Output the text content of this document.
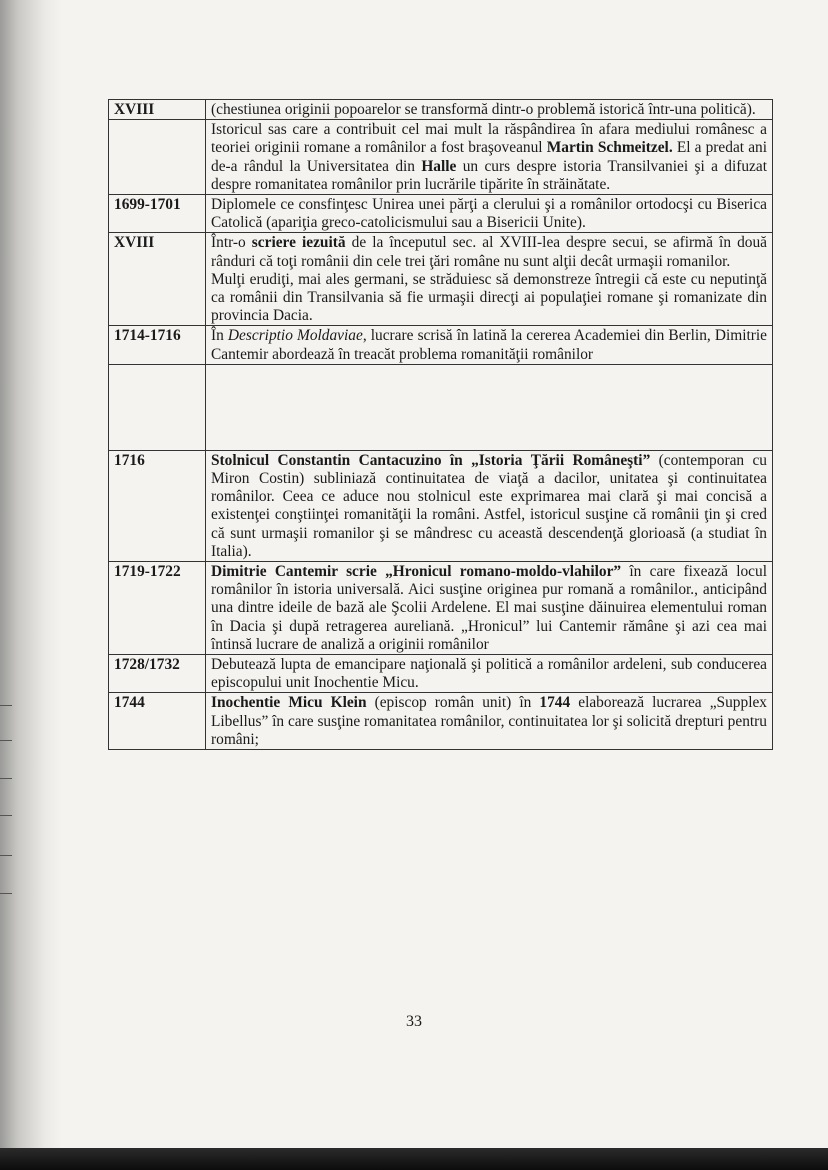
XVIII	(chestiunea originii popoarelor se transformă dintr-o problemă istorică într-una politică).
	Istoricul sas care a contribuit cel mai mult la răspândirea în afara mediului românesc a teoriei originii romane a românilor a fost braşoveanul Martin Schmeitzel. El a predat ani de-a rândul la Universitatea din Halle un curs despre istoria Transilvaniei şi a difuzat despre romanitatea românilor prin lucrările tipărite în străinătate.
1699-1701	Diplomele ce consfinţesc Unirea unei părţi a clerului şi a românilor ortodocşi cu Biserica Catolică (apariţia greco-catolicismului sau a Bisericii Unite).
XVIII	Într-o scriere iezuită de la începutul sec. al XVIII-lea despre secui, se afirmă în două rânduri că toţi românii din cele trei ţări române nu sunt alţii decât urmaşii romanilor.
Mulţi erudiţi, mai ales germani, se străduiesc să demonstreze întregii că este cu neputinţă ca românii din Transilvania să fie urmaşii direcţi ai populaţiei romane şi romanizate din provincia Dacia.
1714-1716	În Descriptio Moldaviae, lucrare scrisă în latină la cererea Academiei din Berlin, Dimitrie Cantemir abordează în treacăt problema romanităţii românilor

1716	Stolnicul Constantin Cantacuzino în „Istoria Ţării Româneşti” (contemporan cu Miron Costin) subliniază continuitatea de viaţă a dacilor, unitatea şi continuitatea românilor. Ceea ce aduce nou stolnicul este exprimarea mai clară şi mai concisă a existenţei conştiinţei romanităţii la români. Astfel, istoricul susţine că românii ţin şi cred că sunt urmaşii romanilor şi se mândresc cu această descendenţă glorioasă (a studiat în Italia).
1719-1722	Dimitrie Cantemir scrie „Hronicul romano-moldo-vlahilor” în care fixează locul românilor în istoria universală. Aici susţine originea pur romană a românilor., anticipând una dintre ideile de bază ale Şcolii Ardelene. El mai susţine dăinuirea elementului roman în Dacia şi după retragerea aureliană. „Hronicul” lui Cantemir rămâne şi azi cea mai întinsă lucrare de analiză a originii românilor
1728/1732	Debutează lupta de emancipare naţională şi politică a românilor ardeleni, sub conducerea episcopului unit Inochentie Micu.
1744	Inochentie Micu Klein (episcop român unit) în 1744 elaborează lucrarea „Supplex Libellus” în care susţine romanitatea românilor, continuitatea lor şi solicită drepturi pentru români;
33
